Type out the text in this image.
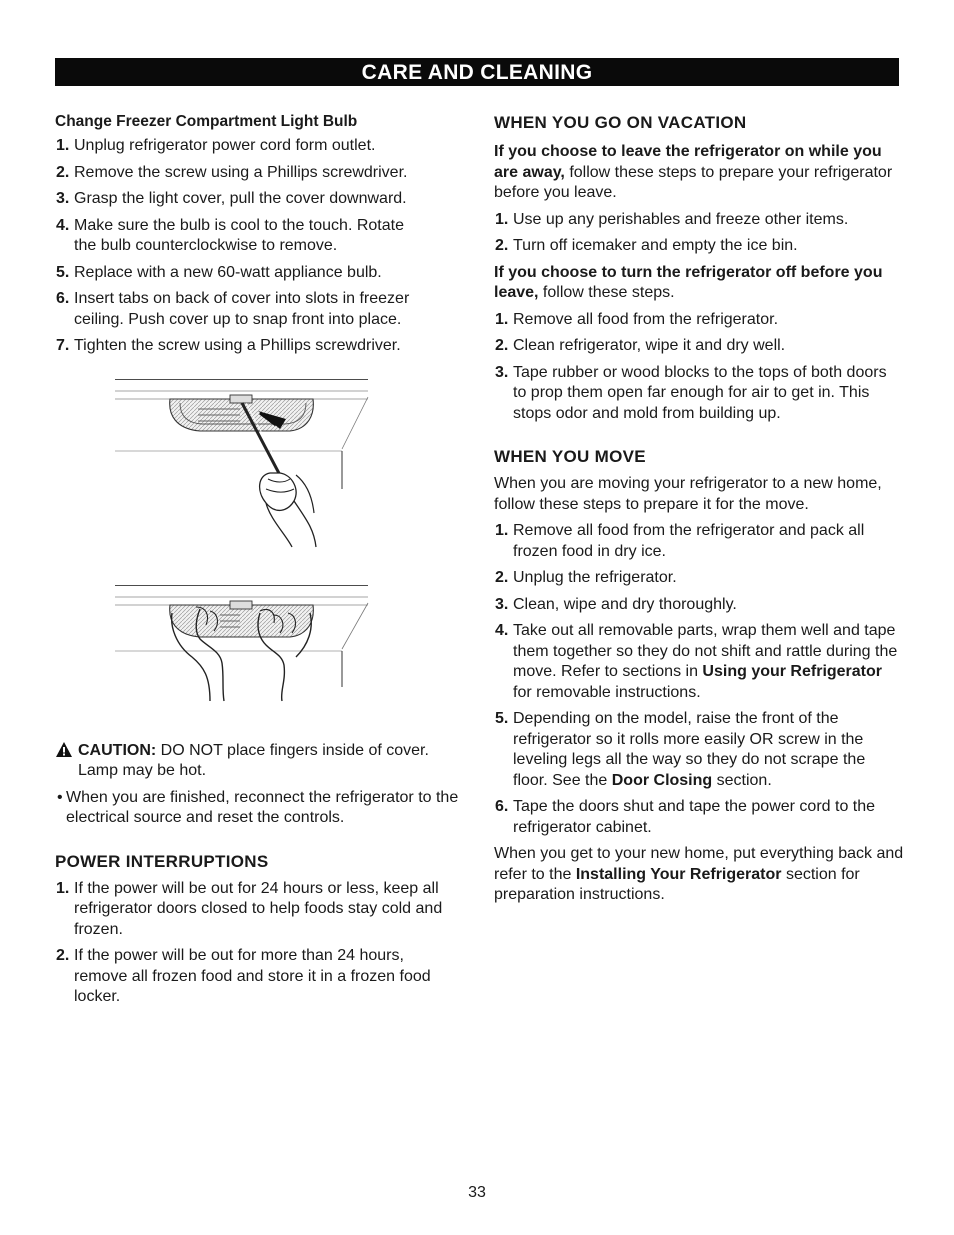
CARE AND CLEANING
Change Freezer Compartment Light Bulb
1. Unplug refrigerator power cord form outlet.
2. Remove the screw using a Phillips screwdriver.
3. Grasp the light cover, pull the cover downward.
4. Make sure the bulb is cool to the touch. Rotate the bulb counterclockwise to remove.
5. Replace with a new 60-watt appliance bulb.
6. Insert tabs on back of cover into slots in freezer ceiling. Push cover up to snap front into place.
7. Tighten the screw using a Phillips screwdriver.
CAUTION: DO NOT place fingers inside of cover. Lamp may be hot.
• When you are finished, reconnect the refrigerator to the electrical source and reset the controls.
POWER INTERRUPTIONS
1. If the power will be out for 24 hours or less, keep all refrigerator doors closed to help foods stay cold and frozen.
2. If the power will be out for more than 24 hours, remove all frozen food and store it in a frozen food locker.
WHEN YOU GO ON VACATION

If you choose to leave the refrigerator on while you are away, follow these steps to prepare your refrigerator before you leave.

1. Use up any perishables and freeze other items.
2. Turn off icemaker and empty the ice bin.

If you choose to turn the refrigerator off before you leave, follow these steps.

1. Remove all food from the refrigerator.
2. Clean refrigerator, wipe it and dry well.
3. Tape rubber or wood blocks to the tops of both doors to prop them open far enough for air to get in. This stops odor and mold from building up.
WHEN YOU MOVE

When you are moving your refrigerator to a new home, follow these steps to prepare it for the move.

1. Remove all food from the refrigerator and pack all frozen food in dry ice.
2. Unplug the refrigerator.
3. Clean, wipe and dry thoroughly.
4. Take out all removable parts, wrap them well and tape them together so they do not shift and rattle during the move. Refer to sections in Using your Refrigerator for removable instructions.
5. Depending on the model, raise the front of the refrigerator so it rolls more easily OR screw in the leveling legs all the way so they do not scrape the floor. See the Door Closing section.
6. Tape the doors shut and tape the power cord to the refrigerator cabinet.

When you get to your new home, put everything back and refer to the Installing Your Refrigerator section for preparation instructions.

33
